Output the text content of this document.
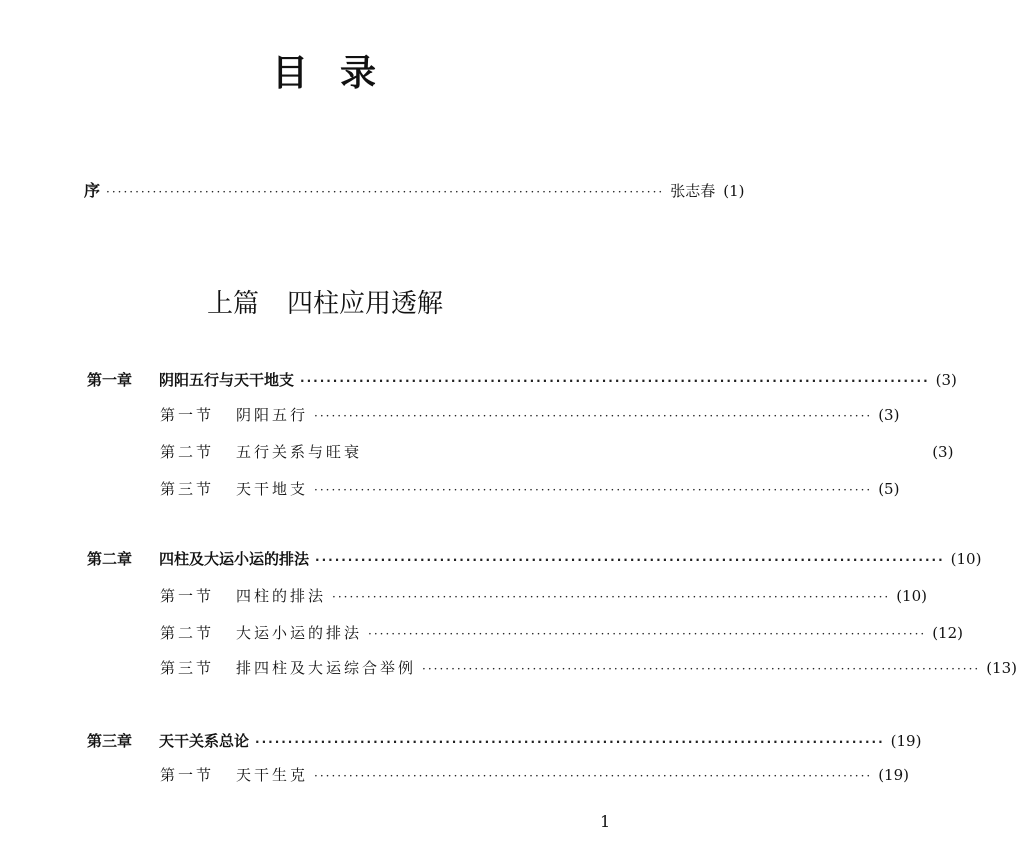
目 录
序 ································································································ 张志春 (1)
上篇 四柱应用透解
第一章 阴阳五行与天干地支 ································································································ (3)
第一节 阴阳五行 ································································································ (3)
第二节 五行关系与旺衰	(3)
第三节 天干地支 ································································································ (5)
第二章 四柱及大运小运的排法 ································································································ (10)
第一节 四柱的排法 ································································································ (10)
第二节 大运小运的排法 ································································································ (12)
第三节 排四柱及大运综合举例 ································································································ (13)
第三章 天干关系总论 ································································································ (19)
第一节 天干生克 ································································································ (19)
1
